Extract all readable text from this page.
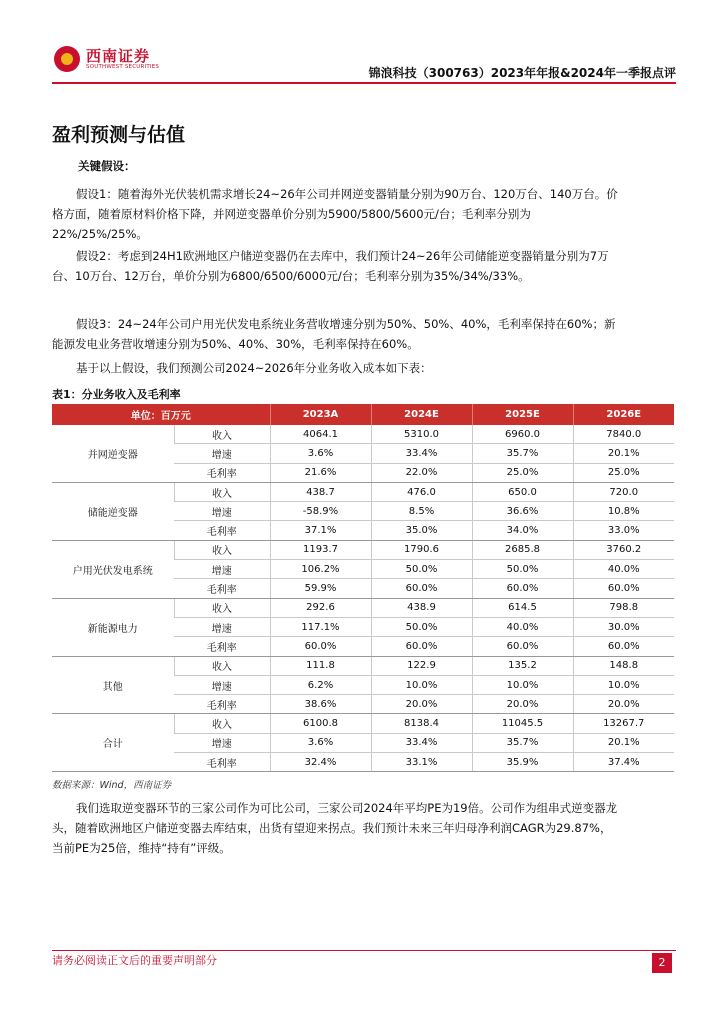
西南证券
SOUTHWEST SECURITIES	锦浪科技（300763）2023年年报&2024年一季报点评
盈利预测与估值
关键假设：

假设1：随着海外光伏装机需求增长24~26年公司并网逆变器销量分别为90万台、120万台、140万台。价格方面，随着原材料价格下降，并网逆变器单价分别为5900/5800/5600元/台；毛利率分别为22%/25%/25%。

假设2：考虑到24H1欧洲地区户储逆变器仍在去库中，我们预计24~26年公司储能逆变器销量分别为7万台、10万台、12万台，单价分别为6800/6500/6000元/台；毛利率分别为35%/34%/33%。

假设3：24~24年公司户用光伏发电系统业务营收增速分别为50%、50%、40%，毛利率保持在60%；新能源发电业务营收增速分别为50%、40%、30%，毛利率保持在60%。

基于以上假设，我们预测公司2024~2026年分业务收入成本如下表：

表1：分业务收入及毛利率
单位：百万元		2023A	2024E	2025E	2026E
并网逆变器	收入	4064.1	5310.0	6960.0	7840.0
	增速	3.6%	33.4%	35.7%	20.1%
	毛利率	21.6%	22.0%	25.0%	25.0%
储能逆变器	收入	438.7	476.0	650.0	720.0
	增速	-58.9%	8.5%	36.6%	10.8%
	毛利率	37.1%	35.0%	34.0%	33.0%
户用光伏发电系统	收入	1193.7	1790.6	2685.8	3760.2
	增速	106.2%	50.0%	50.0%	40.0%
	毛利率	59.9%	60.0%	60.0%	60.0%
新能源电力	收入	292.6	438.9	614.5	798.8
	增速	117.1%	50.0%	40.0%	30.0%
	毛利率	60.0%	60.0%	60.0%	60.0%
其他	收入	111.8	122.9	135.2	148.8
	增速	6.2%	10.0%	10.0%	10.0%
	毛利率	38.6%	20.0%	20.0%	20.0%
合计	收入	6100.8	8138.4	11045.5	13267.7
	增速	3.6%	33.4%	35.7%	20.1%
	毛利率	32.4%	33.1%	35.9%	37.4%
数据来源：Wind，西南证券

我们选取逆变器环节的三家公司作为可比公司，三家公司2024年平均PE为19倍。公司作为组串式逆变器龙头，随着欧洲地区户储逆变器去库结束，出货有望迎来拐点。我们预计未来三年归母净利润CAGR为29.87%，当前PE为25倍，维持“持有”评级。

请务必阅读正文后的重要声明部分	2
